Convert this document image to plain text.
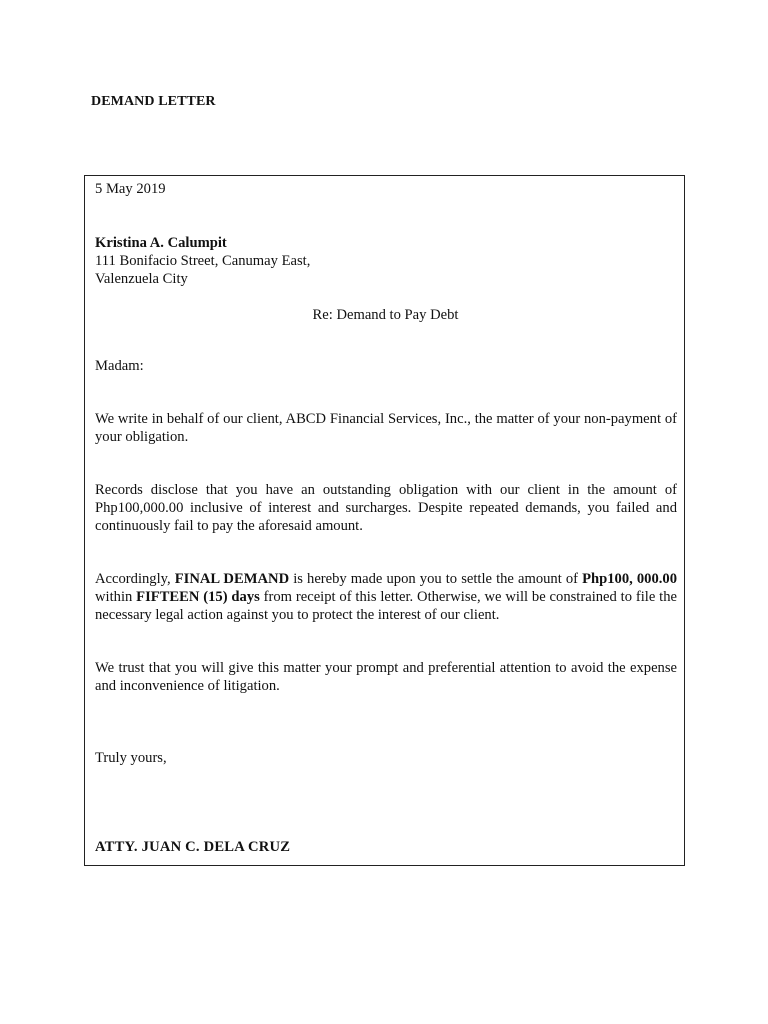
DEMAND LETTER
5 May 2019
Kristina A. Calumpit
111 Bonifacio Street, Canumay East,
Valenzuela City
Re: Demand to Pay Debt
Madam:
We write in behalf of our client, ABCD Financial Services, Inc., the matter of your non-payment of your obligation.
Records disclose that you have an outstanding obligation with our client in the amount of Php100,000.00 inclusive of interest and surcharges. Despite repeated demands, you failed and continuously fail to pay the aforesaid amount.
Accordingly, FINAL DEMAND is hereby made upon you to settle the amount of Php100, 000.00 within FIFTEEN (15) days from receipt of this letter. Otherwise, we will be constrained to file the necessary legal action against you to protect the interest of our client.
We trust that you will give this matter your prompt and preferential attention to avoid the expense and inconvenience of litigation.
Truly yours,
ATTY. JUAN C. DELA CRUZ
